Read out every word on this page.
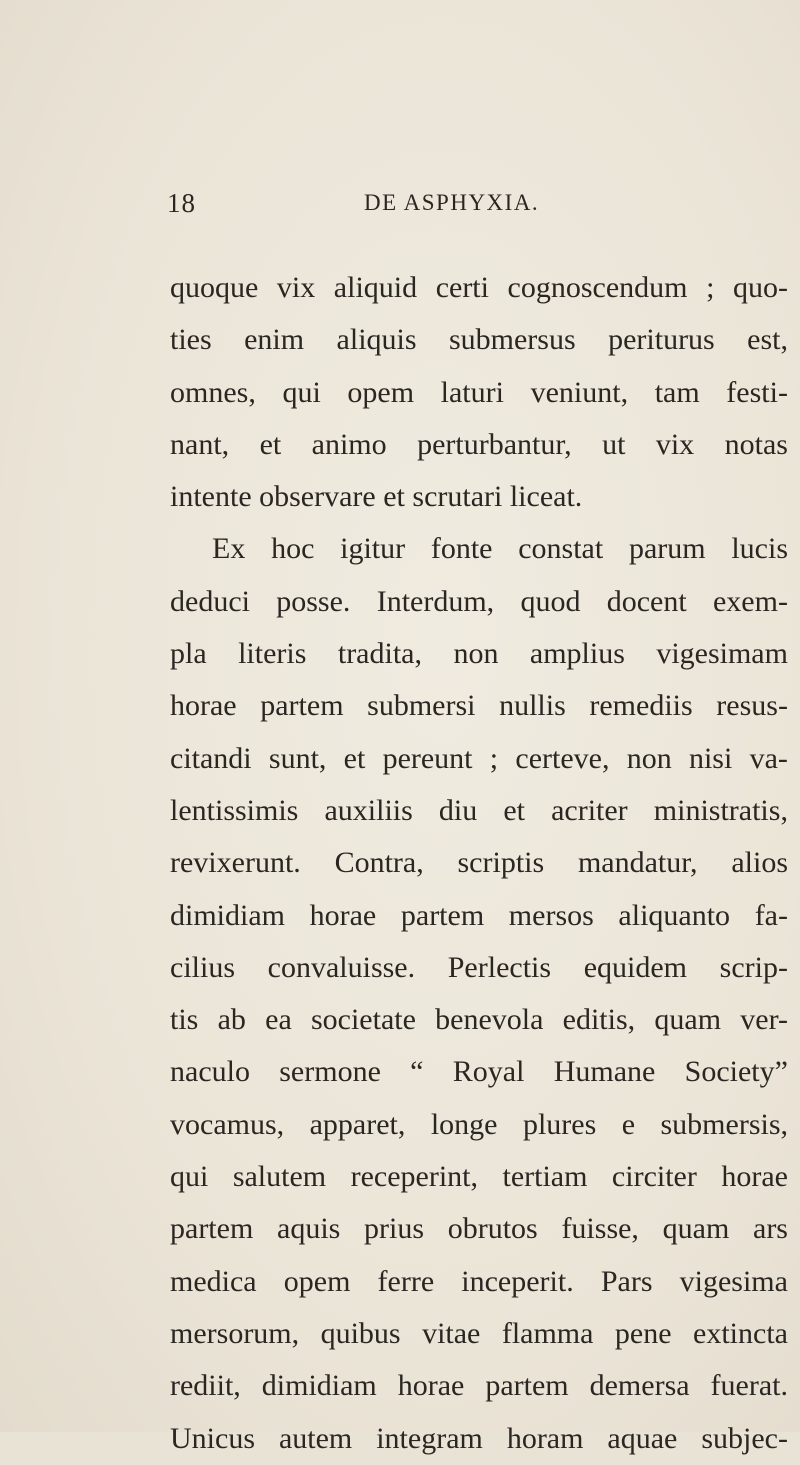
18	DE ASPHYXIA.
quoque vix aliquid certi cognoscendum ; quo-
ties enim aliquis submersus periturus est,
omnes, qui opem laturi veniunt, tam festi-
nant, et animo perturbantur, ut vix notas
intente observare et scrutari liceat.
Ex hoc igitur fonte constat parum lucis
deduci posse. Interdum, quod docent exem-
pla literis tradita, non amplius vigesimam
horae partem submersi nullis remediis resus-
citandi sunt, et pereunt ; certeve, non nisi va-
lentissimis auxiliis diu et acriter ministratis,
revixerunt. Contra, scriptis mandatur, alios
dimidiam horae partem mersos aliquanto fa-
cilius convaluisse. Perlectis equidem scrip-
tis ab ea societate benevola editis, quam ver-
naculo sermone “ Royal Humane Society”
vocamus, apparet, longe plures e submersis,
qui salutem receperint, tertiam circiter horae
partem aquis prius obrutos fuisse, quam ars
medica opem ferre inceperit. Pars vigesima
mersorum, quibus vitae flamma pene extincta
rediit, dimidiam horae partem demersa fuerat.
Unicus autem integram horam aquae subjec-
